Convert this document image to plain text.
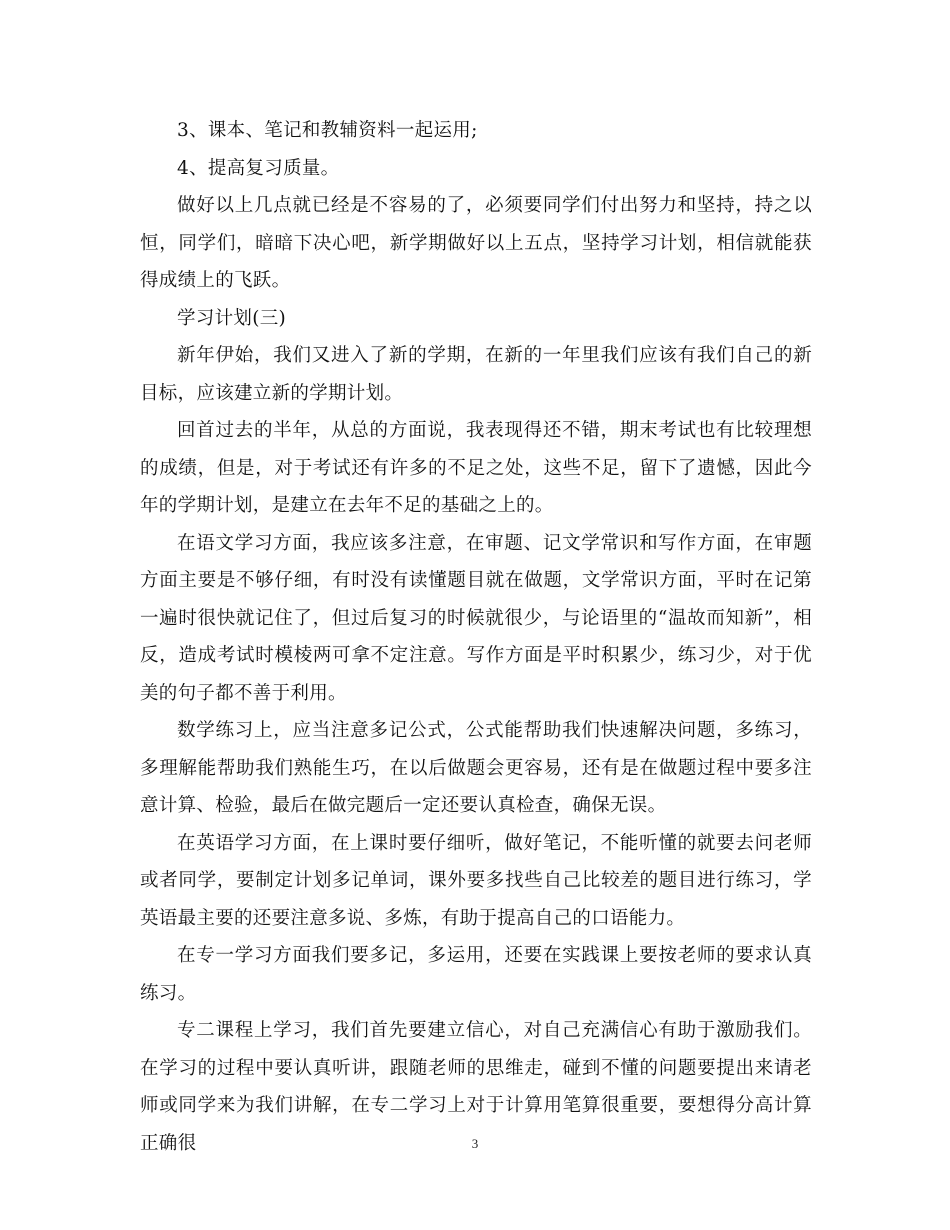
3、课本、笔记和教辅资料一起运用;

4、提高复习质量。

做好以上几点就已经是不容易的了，必须要同学们付出努力和坚持，持之以恒，同学们，暗暗下决心吧，新学期做好以上五点，坚持学习计划，相信就能获得成绩上的飞跃。

学习计划(三)

新年伊始，我们又进入了新的学期，在新的一年里我们应该有我们自己的新目标，应该建立新的学期计划。

回首过去的半年，从总的方面说，我表现得还不错，期末考试也有比较理想的成绩，但是，对于考试还有许多的不足之处，这些不足，留下了遗憾，因此今年的学期计划，是建立在去年不足的基础之上的。

在语文学习方面，我应该多注意，在审题、记文学常识和写作方面，在审题方面主要是不够仔细，有时没有读懂题目就在做题，文学常识方面，平时在记第一遍时很快就记住了，但过后复习的时候就很少，与论语里的“温故而知新”，相反，造成考试时模棱两可拿不定注意。写作方面是平时积累少，练习少，对于优美的句子都不善于利用。

数学练习上，应当注意多记公式，公式能帮助我们快速解决问题，多练习，多理解能帮助我们熟能生巧，在以后做题会更容易，还有是在做题过程中要多注意计算、检验，最后在做完题后一定还要认真检查，确保无误。

在英语学习方面，在上课时要仔细听，做好笔记，不能听懂的就要去问老师或者同学，要制定计划多记单词，课外要多找些自己比较差的题目进行练习，学英语最主要的还要注意多说、多炼，有助于提高自己的口语能力。

在专一学习方面我们要多记，多运用，还要在实践课上要按老师的要求认真练习。

专二课程上学习，我们首先要建立信心，对自己充满信心有助于激励我们。在学习的过程中要认真听讲，跟随老师的思维走，碰到不懂的问题要提出来请老师或同学来为我们讲解，在专二学习上对于计算用笔算很重要，要想得分高计算正确很	3
